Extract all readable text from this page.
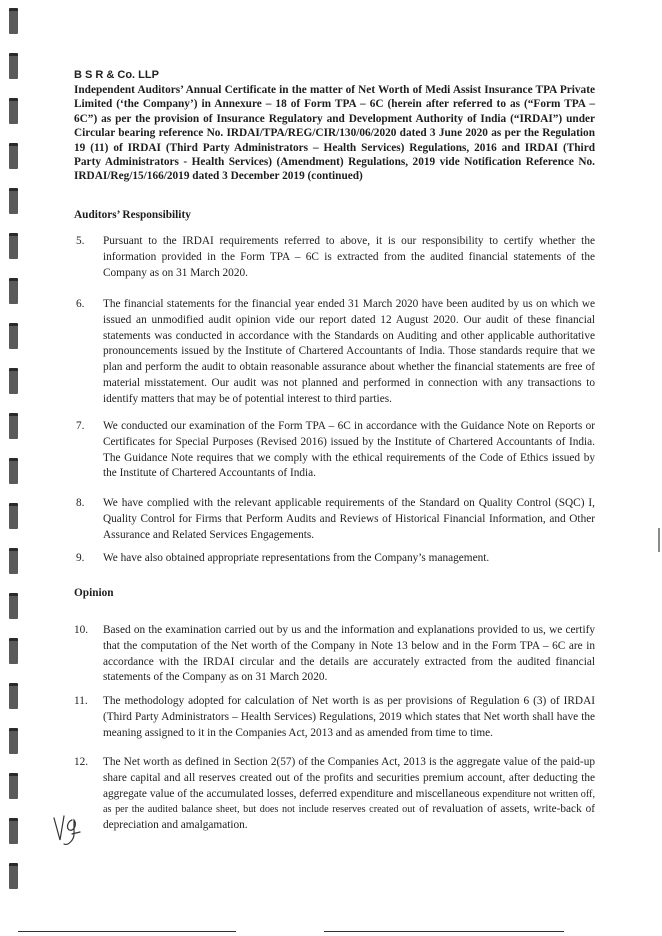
B S R & Co. LLP
Independent Auditors’ Annual Certificate in the matter of Net Worth of Medi Assist Insurance TPA Private Limited (‘the Company’) in Annexure – 18 of Form TPA – 6C (herein after referred to as (“Form TPA – 6C”) as per the provision of Insurance Regulatory and Development Authority of India (“IRDAI”) under Circular bearing reference No. IRDAI/TPA/REG/CIR/130/06/2020 dated 3 June 2020 as per the Regulation 19 (11) of IRDAI (Third Party Administrators – Health Services) Regulations, 2016 and IRDAI (Third Party Administrators - Health Services) (Amendment) Regulations, 2019 vide Notification Reference No. IRDAI/Reg/15/166/2019 dated 3 December 2019 (continued)
Auditors’ Responsibility
5.	Pursuant to the IRDAI requirements referred to above, it is our responsibility to certify whether the information provided in the Form TPA – 6C is extracted from the audited financial statements of the Company as on 31 March 2020.
6.	The financial statements for the financial year ended 31 March 2020 have been audited by us on which we issued an unmodified audit opinion vide our report dated 12 August 2020. Our audit of these financial statements was conducted in accordance with the Standards on Auditing and other applicable authoritative pronouncements issued by the Institute of Chartered Accountants of India. Those standards require that we plan and perform the audit to obtain reasonable assurance about whether the financial statements are free of material misstatement. Our audit was not planned and performed in connection with any transactions to identify matters that may be of potential interest to third parties.
7.	We conducted our examination of the Form TPA – 6C in accordance with the Guidance Note on Reports or Certificates for Special Purposes (Revised 2016) issued by the Institute of Chartered Accountants of India. The Guidance Note requires that we comply with the ethical requirements of the Code of Ethics issued by the Institute of Chartered Accountants of India.
8.	We have complied with the relevant applicable requirements of the Standard on Quality Control (SQC) I, Quality Control for Firms that Perform Audits and Reviews of Historical Financial Information, and Other Assurance and Related Services Engagements.
9.	We have also obtained appropriate representations from the Company’s management.
Opinion
10.	Based on the examination carried out by us and the information and explanations provided to us, we certify that the computation of the Net worth of the Company in Note 13 below and in the Form TPA – 6C are in accordance with the IRDAI circular and the details are accurately extracted from the audited financial statements of the Company as on 31 March 2020.
11.	The methodology adopted for calculation of Net worth is as per provisions of Regulation 6 (3) of IRDAI (Third Party Administrators – Health Services) Regulations, 2019 which states that Net worth shall have the meaning assigned to it in the Companies Act, 2013 and as amended from time to time.
12.	The Net worth as defined in Section 2(57) of the Companies Act, 2013 is the aggregate value of the paid-up share capital and all reserves created out of the profits and securities premium account, after deducting the aggregate value of the accumulated losses, deferred expenditure and miscellaneous expenditure not written off, as per the audited balance sheet, but does not include reserves created out of revaluation of assets, write-back of depreciation and amalgamation.
